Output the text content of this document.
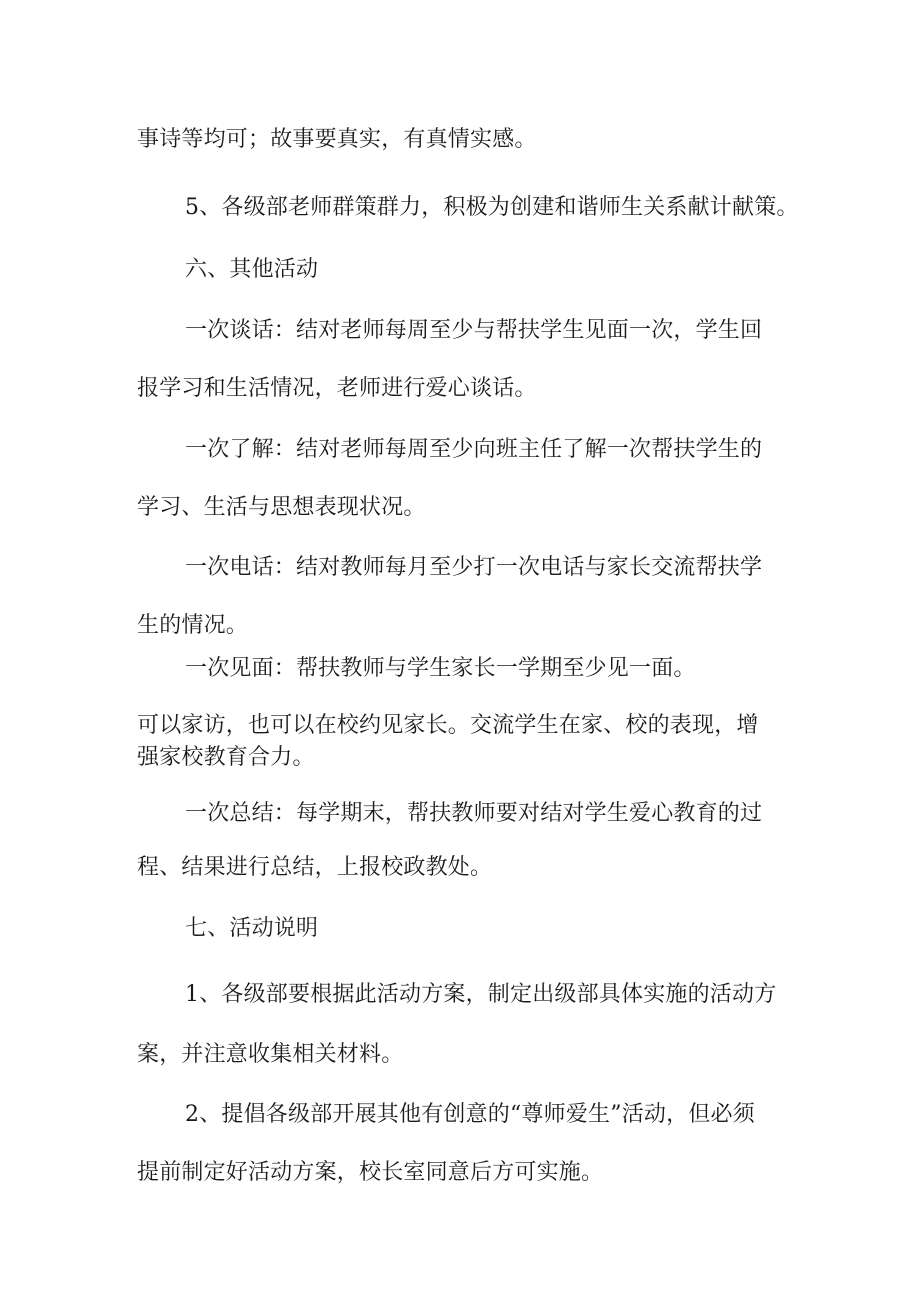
事诗等均可；故事要真实，有真情实感。
5、各级部老师群策群力，积极为创建和谐师生关系献计献策。
六、其他活动
一次谈话：结对老师每周至少与帮扶学生见面一次，学生回
报学习和生活情况，老师进行爱心谈话。
一次了解：结对老师每周至少向班主任了解一次帮扶学生的
学习、生活与思想表现状况。
一次电话：结对教师每月至少打一次电话与家长交流帮扶学
生的情况。
一次见面：帮扶教师与学生家长一学期至少见一面。
可以家访，也可以在校约见家长。交流学生在家、校的表现，增
强家校教育合力。
一次总结：每学期末，帮扶教师要对结对学生爱心教育的过
程、结果进行总结，上报校政教处。
七、活动说明
1、各级部要根据此活动方案，制定出级部具体实施的活动方
案，并注意收集相关材料。
2、提倡各级部开展其他有创意的“尊师爱生”活动，但必须
提前制定好活动方案，校长室同意后方可实施。
